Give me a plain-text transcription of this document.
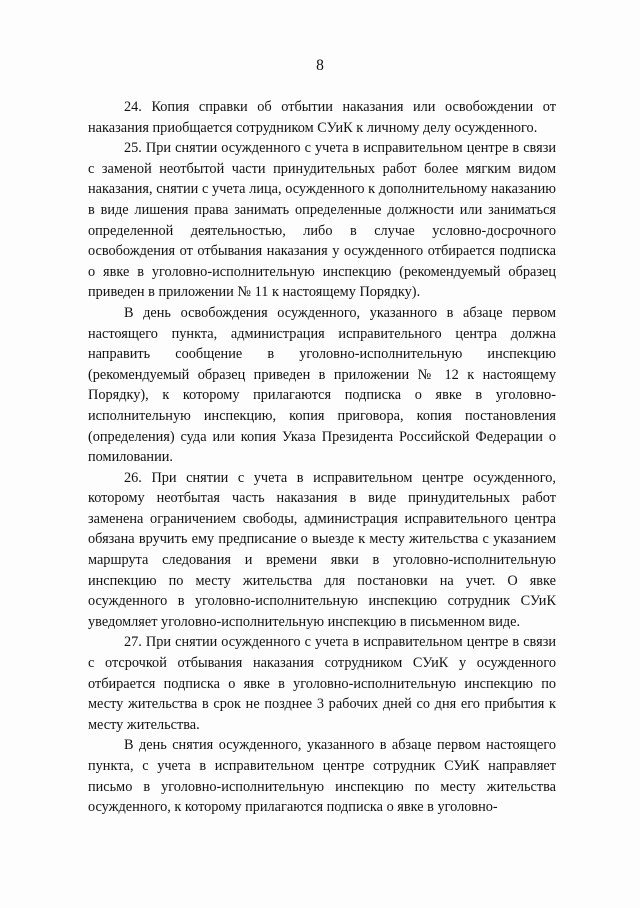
8

24. Копия справки об отбытии наказания или освобождении от наказания приобщается сотрудником СУиК к личному делу осужденного.

25. При снятии осужденного с учета в исправительном центре в связи с заменой неотбытой части принудительных работ более мягким видом наказания, снятии с учета лица, осужденного к дополнительному наказанию в виде лишения права занимать определенные должности или заниматься определенной деятельностью, либо в случае условно-досрочного освобождения от отбывания наказания у осужденного отбирается подписка о явке в уголовно-исполнительную инспекцию (рекомендуемый образец приведен в приложении № 11 к настоящему Порядку).

В день освобождения осужденного, указанного в абзаце первом настоящего пункта, администрация исправительного центра должна направить сообщение в уголовно-исполнительную инспекцию (рекомендуемый образец приведен в приложении № 12 к настоящему Порядку), к которому прилагаются подписка о явке в уголовно-исполнительную инспекцию, копия приговора, копия постановления (определения) суда или копия Указа Президента Российской Федерации о помиловании.

26. При снятии с учета в исправительном центре осужденного, которому неотбытая часть наказания в виде принудительных работ заменена ограничением свободы, администрация исправительного центра обязана вручить ему предписание о выезде к месту жительства с указанием маршрута следования и времени явки в уголовно-исполнительную инспекцию по месту жительства для постановки на учет. О явке осужденного в уголовно-исполнительную инспекцию сотрудник СУиК уведомляет уголовно-исполнительную инспекцию в письменном виде.

27. При снятии осужденного с учета в исправительном центре в связи с отсрочкой отбывания наказания сотрудником СУиК у осужденного отбирается подписка о явке в уголовно-исполнительную инспекцию по месту жительства в срок не позднее 3 рабочих дней со дня его прибытия к месту жительства.

В день снятия осужденного, указанного в абзаце первом настоящего пункта, с учета в исправительном центре сотрудник СУиК направляет письмо в уголовно-исполнительную инспекцию по месту жительства осужденного, к которому прилагаются подписка о явке в уголовно-
